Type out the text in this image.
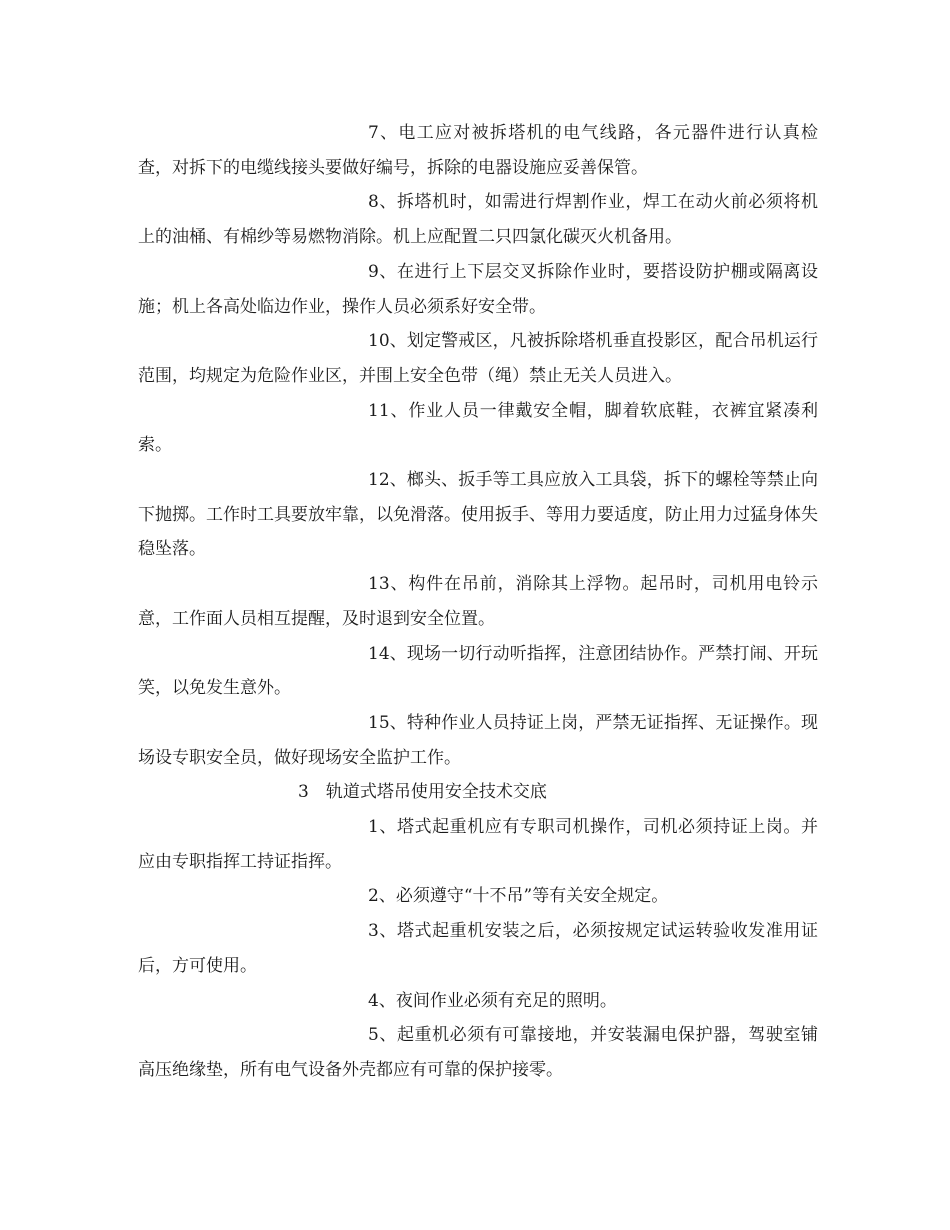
7、电工应对被拆塔机的电气线路，各元器件进行认真检查，对拆下的电缆线接头要做好编号，拆除的电器设施应妥善保管。

8、拆塔机时，如需进行焊割作业，焊工在动火前必须将机上的油桶、有棉纱等易燃物消除。机上应配置二只四氯化碳灭火机备用。

9、在进行上下层交叉拆除作业时，要搭设防护棚或隔离设施；机上各高处临边作业，操作人员必须系好安全带。

10、划定警戒区，凡被拆除塔机垂直投影区，配合吊机运行范围，均规定为危险作业区，并围上安全色带（绳）禁止无关人员进入。

11、作业人员一律戴安全帽，脚着软底鞋，衣裤宜紧凑利索。

12、榔头、扳手等工具应放入工具袋，拆下的螺栓等禁止向下抛掷。工作时工具要放牢靠，以免滑落。使用扳手、等用力要适度，防止用力过猛身体失稳坠落。

13、构件在吊前，消除其上浮物。起吊时，司机用电铃示意，工作面人员相互提醒，及时退到安全位置。

14、现场一切行动听指挥，注意团结协作。严禁打闹、开玩笑，以免发生意外。

15、特种作业人员持证上岗，严禁无证指挥、无证操作。现场设专职安全员，做好现场安全监护工作。

3　轨道式塔吊使用安全技术交底

1、塔式起重机应有专职司机操作，司机必须持证上岗。并应由专职指挥工持证指挥。

2、必须遵守“十不吊”等有关安全规定。

3、塔式起重机安装之后，必须按规定试运转验收发准用证后，方可使用。

4、夜间作业必须有充足的照明。

5、起重机必须有可靠接地，并安装漏电保护器，驾驶室铺高压绝缘垫，所有电气设备外壳都应有可靠的保护接零。
